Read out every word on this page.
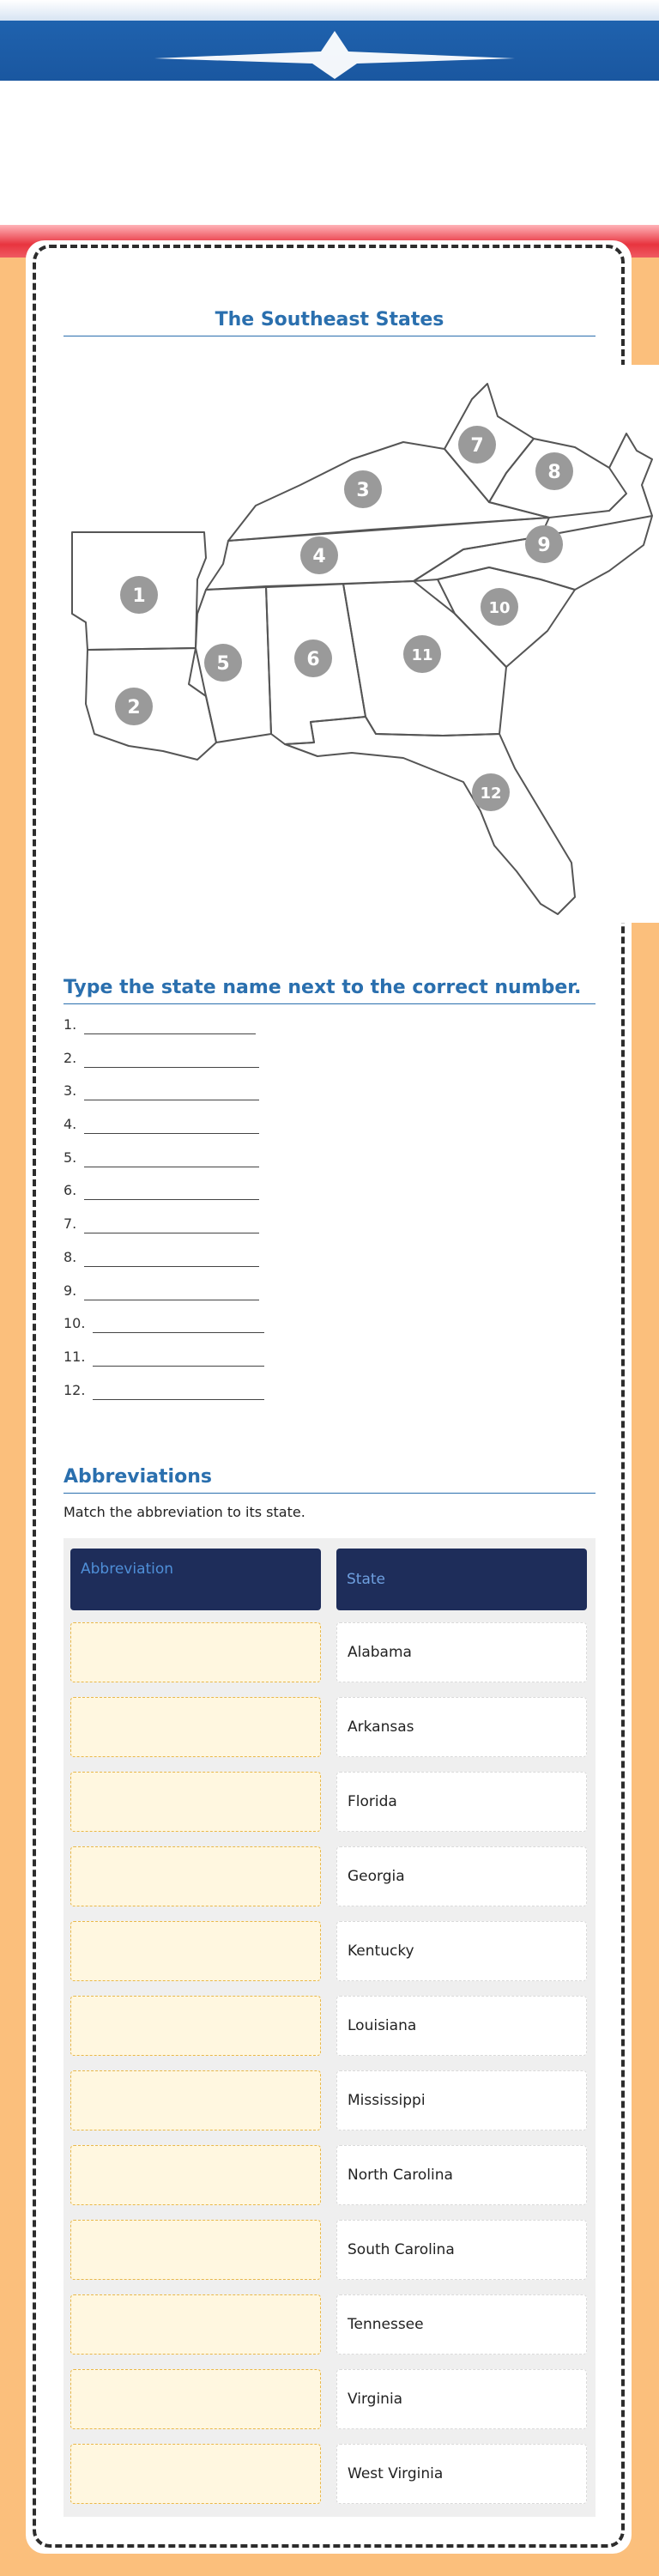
The Southeast States
1
2
3
4
5	6
7
8
9
10
11
12
Type the state name next to the correct number.
1.
2.
3.
4.
5.
6.
7.
8.
9.
10.
11.
12.
Abbreviations

Match the abbreviation to its state.

Abbreviation
State
Alabama
Arkansas
Florida
Georgia
Kentucky
Louisiana
Mississippi
North Carolina
South Carolina
Tennessee
Virginia
West Virginia
